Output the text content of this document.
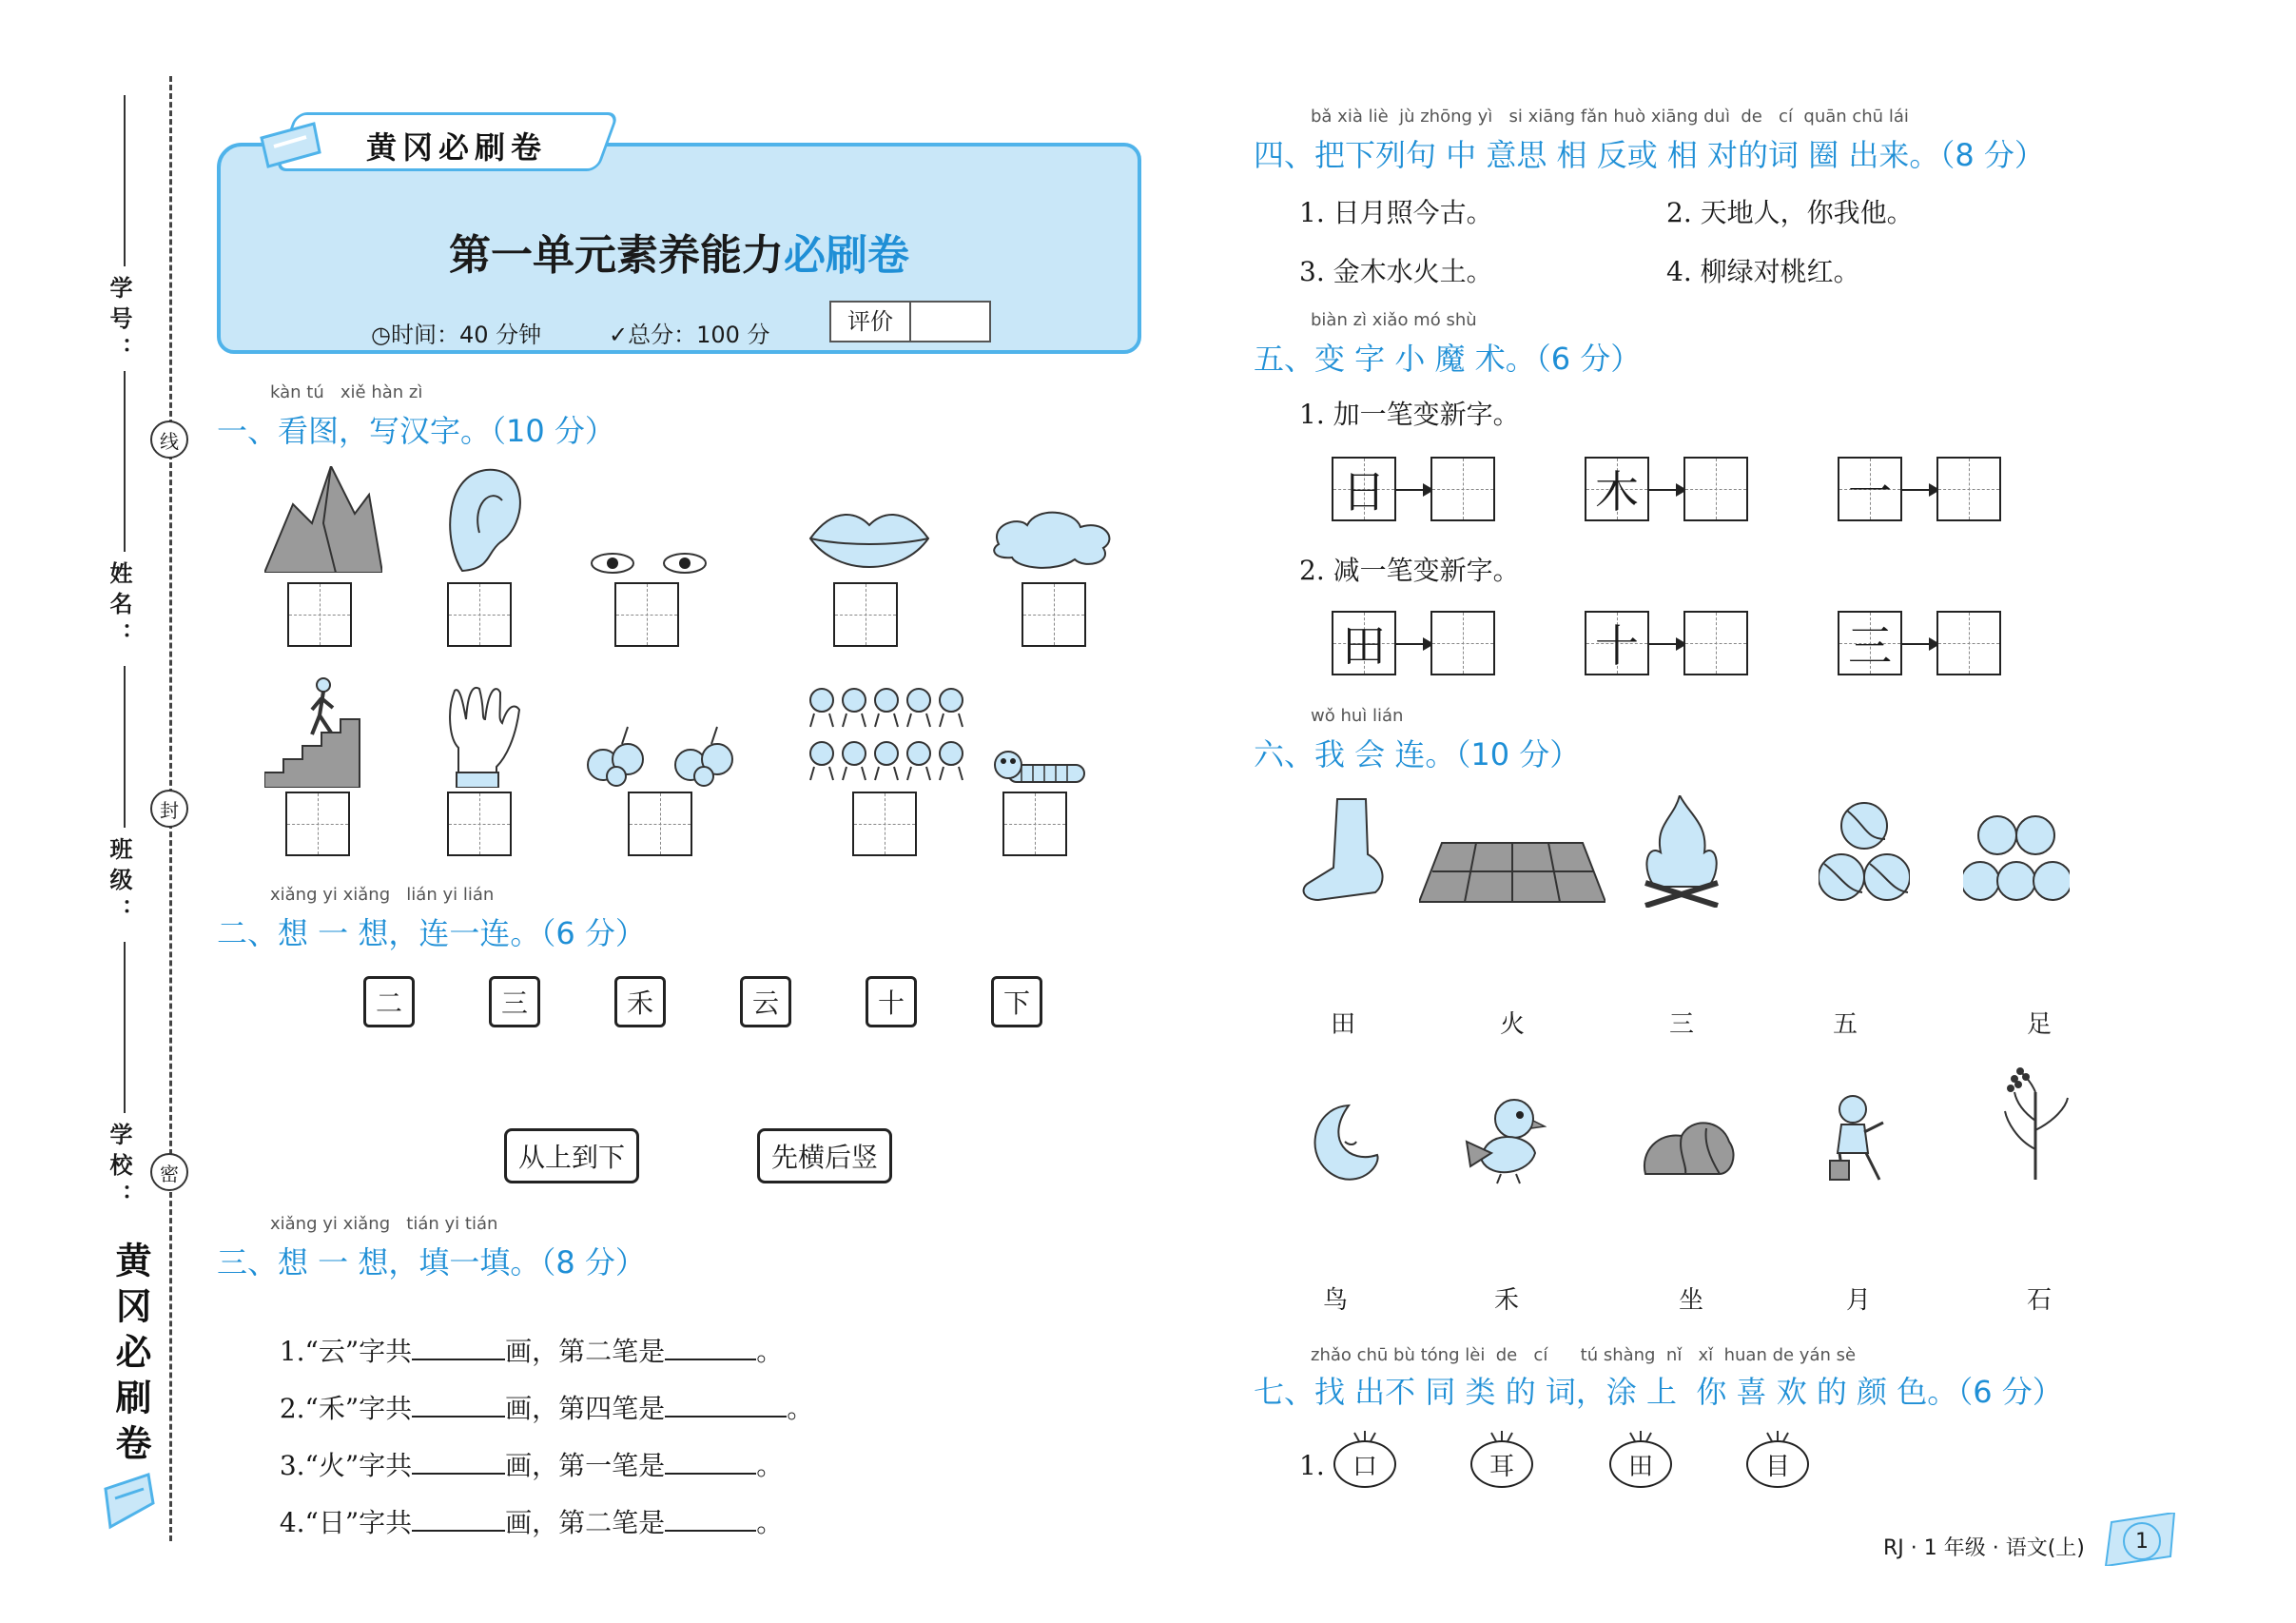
学号：
姓名：
班级：
学校：
线
封
密
黄冈必刷卷
黄冈必刷卷
第一单元素养能力必刷卷
◷时间：40 分钟	✓总分：100 分	评价
kàn tú   xiě hàn zì
一、看图，写汉字。（10 分）
xiǎng yi xiǎng   lián yi lián
二、想 一 想，连一连。（6 分）
二	三	禾	云	十	下
从上到下	先横后竖
xiǎng yi xiǎng   tián yi tián
三、想 一 想，填一填。（8 分）

1.“云”字共	画，第二笔是	。

2.“禾”字共	画，第四笔是	。

3.“火”字共	画，第一笔是	。

4.“日”字共	画，第二笔是	。

bǎ xià liè  jù zhōng yì   si xiāng fǎn huò xiāng duì  de   cí  quān chū lái
四、把下列句 中 意思 相 反或 相 对的词 圈 出来。（8 分）
1. 日月照今古。	2. 天地人，你我他。
3. 金木水火土。	4. 柳绿对桃红。
biàn zì xiǎo mó shù
五、变 字 小 魔 术。（6 分）
1. 加一笔变新字。
日	木	一
2. 减一笔变新字。
田	十	三
wǒ huì lián
六、我 会 连。（10 分）
田	火	三	五	足
鸟	禾	坐	月	石
zhǎo chū bù tóng lèi  de   cí      tú shàng  nǐ   xǐ  huan de yán sè
七、找 出不 同 类 的 词，涂 上  你 喜 欢 的 颜 色。（6 分）
1.	口	耳	田	目
RJ · 1 年级 · 语文(上)	1
